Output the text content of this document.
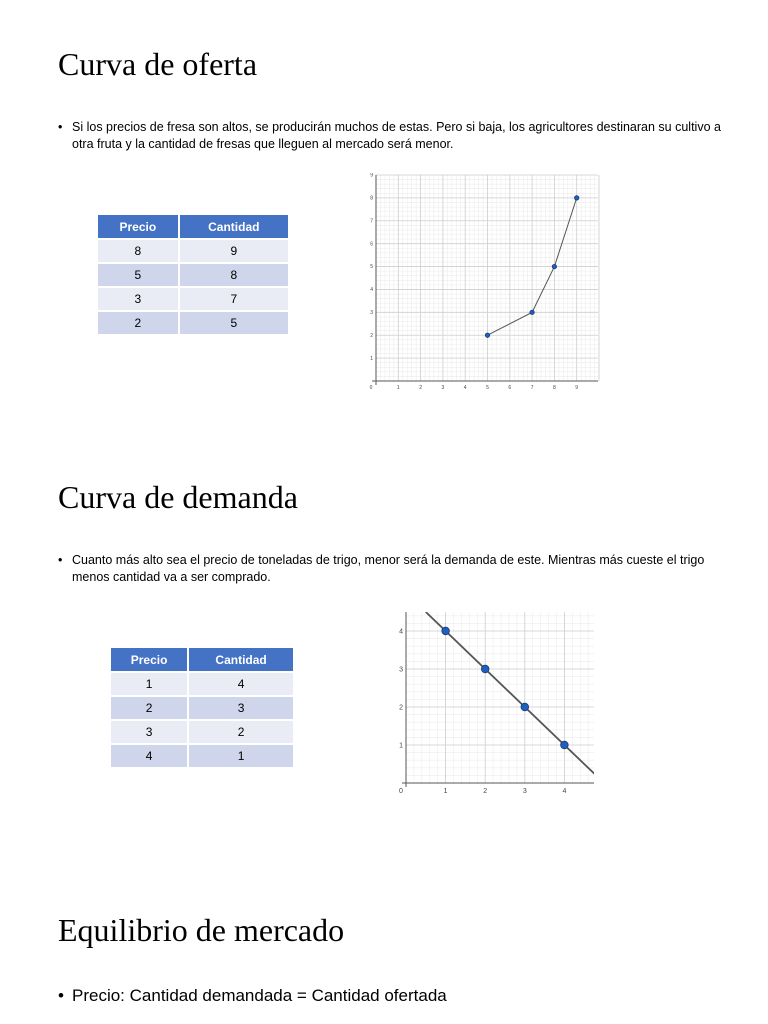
Curva de oferta

• Si los precios de fresa son altos, se producirán muchos de estas. Pero si baja, los agricultores destinaran su cultivo a otra fruta y la cantidad de fresas que lleguen al mercado será menor.

Precio	Cantidad
8	9
5	8
3	7
2	5
0	1	2	3	4	5	6	7	8	9
1
2
3
4
5
6
7
8
9
Curva de demanda

• Cuanto más alto sea el precio de toneladas de trigo, menor será la demanda de este. Mientras más cueste el trigo menos cantidad va a ser comprado.

Precio	Cantidad
1	4
2	3
3	2
4	1
0	1	2	3	4
1
2
3
4
Equilibrio de mercado

• Precio: Cantidad demandada = Cantidad ofertada
